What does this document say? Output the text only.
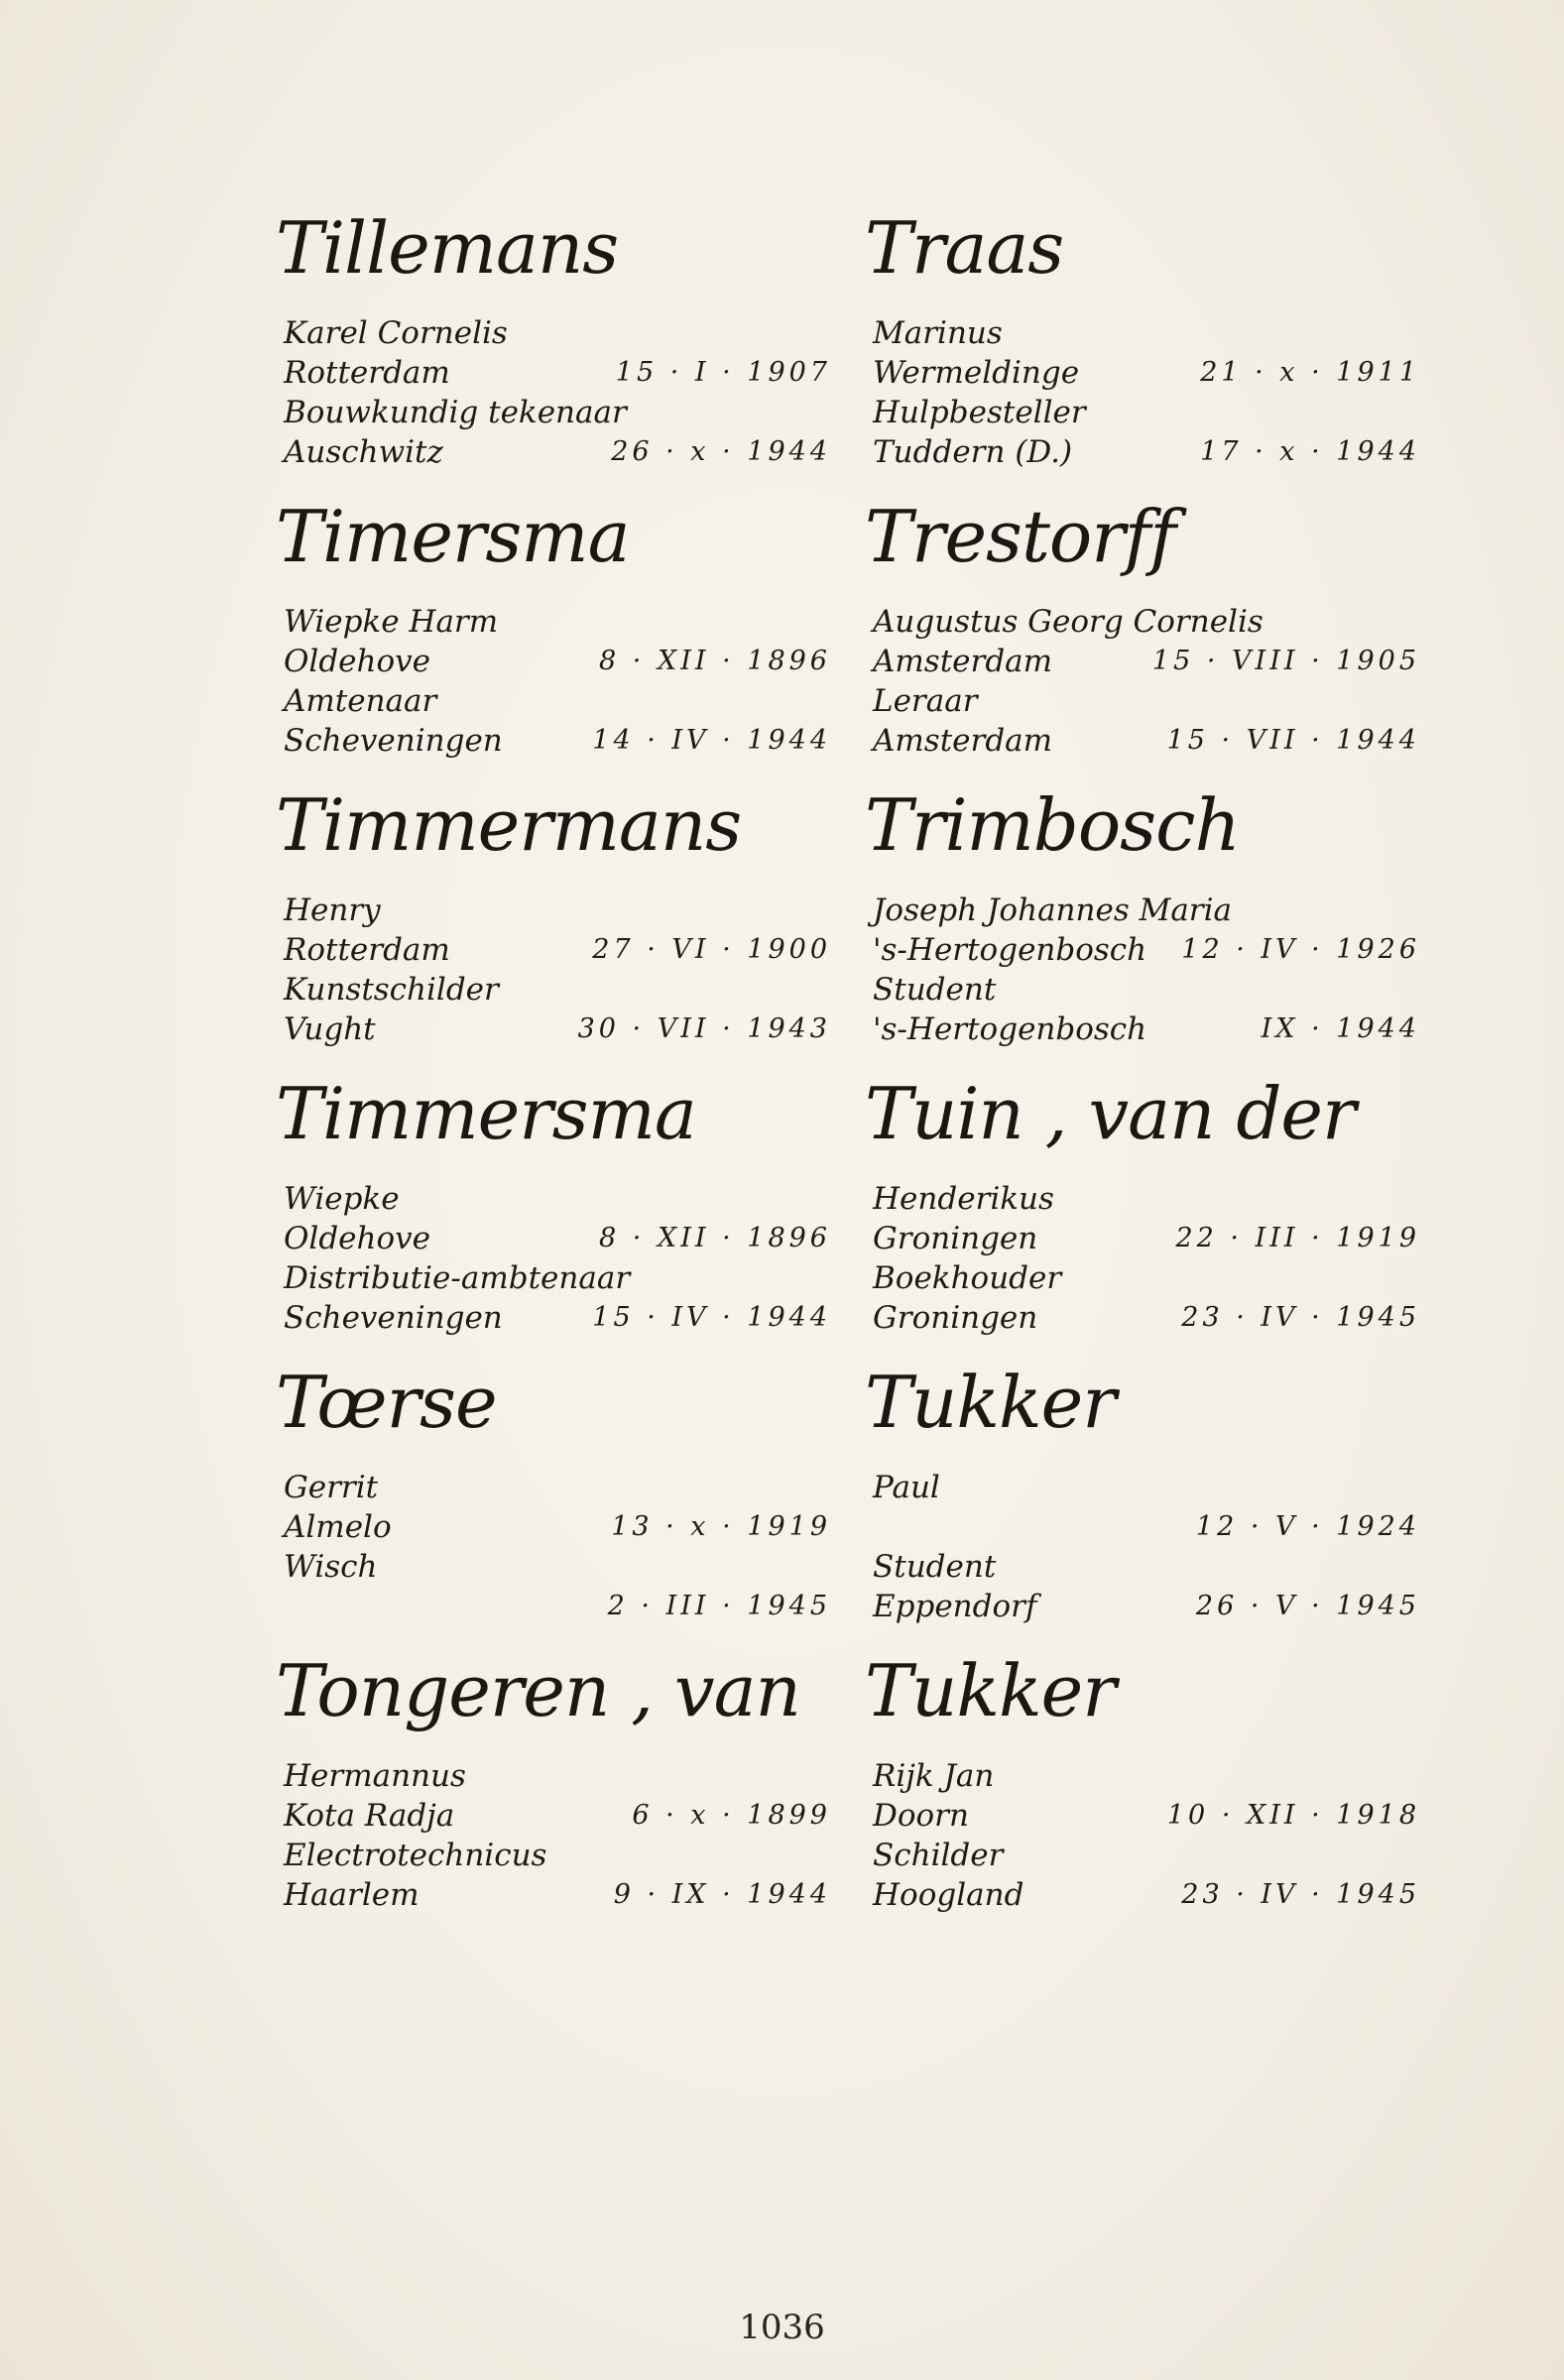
Tillemans
Karel Cornelis
Rotterdam	15 · I · 1907
Bouwkundig tekenaar
Auschwitz	26 · x · 1944
Timersma
Wiepke Harm
Oldehove	8 · XII · 1896
Amtenaar
Scheveningen	14 · IV · 1944
Timmermans
Henry
Rotterdam	27 · VI · 1900
Kunstschilder
Vught	30 · VII · 1943
Timmersma
Wiepke
Oldehove	8 · XII · 1896
Distributie-ambtenaar
Scheveningen	15 · IV · 1944
Tœrse
Gerrit
Almelo	13 · x · 1919
Wisch
2 · III · 1945
Tongeren , van
Hermannus
Kota Radja	6 · x · 1899
Electrotechnicus
Haarlem	9 · IX · 1944
Traas
Marinus
Wermeldinge	21 · x · 1911
Hulpbesteller
Tuddern (D.)	17 · x · 1944
Trestorff
Augustus Georg Cornelis
Amsterdam	15 · VIII · 1905
Leraar
Amsterdam	15 · VII · 1944
Trimbosch
Joseph Johannes Maria
's-Hertogenbosch 12 · IV · 1926
Student
's-Hertogenbosch	IX · 1944
Tuin , van der
Henderikus
Groningen	22 · III · 1919
Boekhouder
Groningen	23 · IV · 1945
Tukker
Paul
12 · V · 1924
Student
Eppendorf	26 · V · 1945
Tukker
Rijk Jan
Doorn	10 · XII · 1918
Schilder
Hoogland	23 · IV · 1945
1036
